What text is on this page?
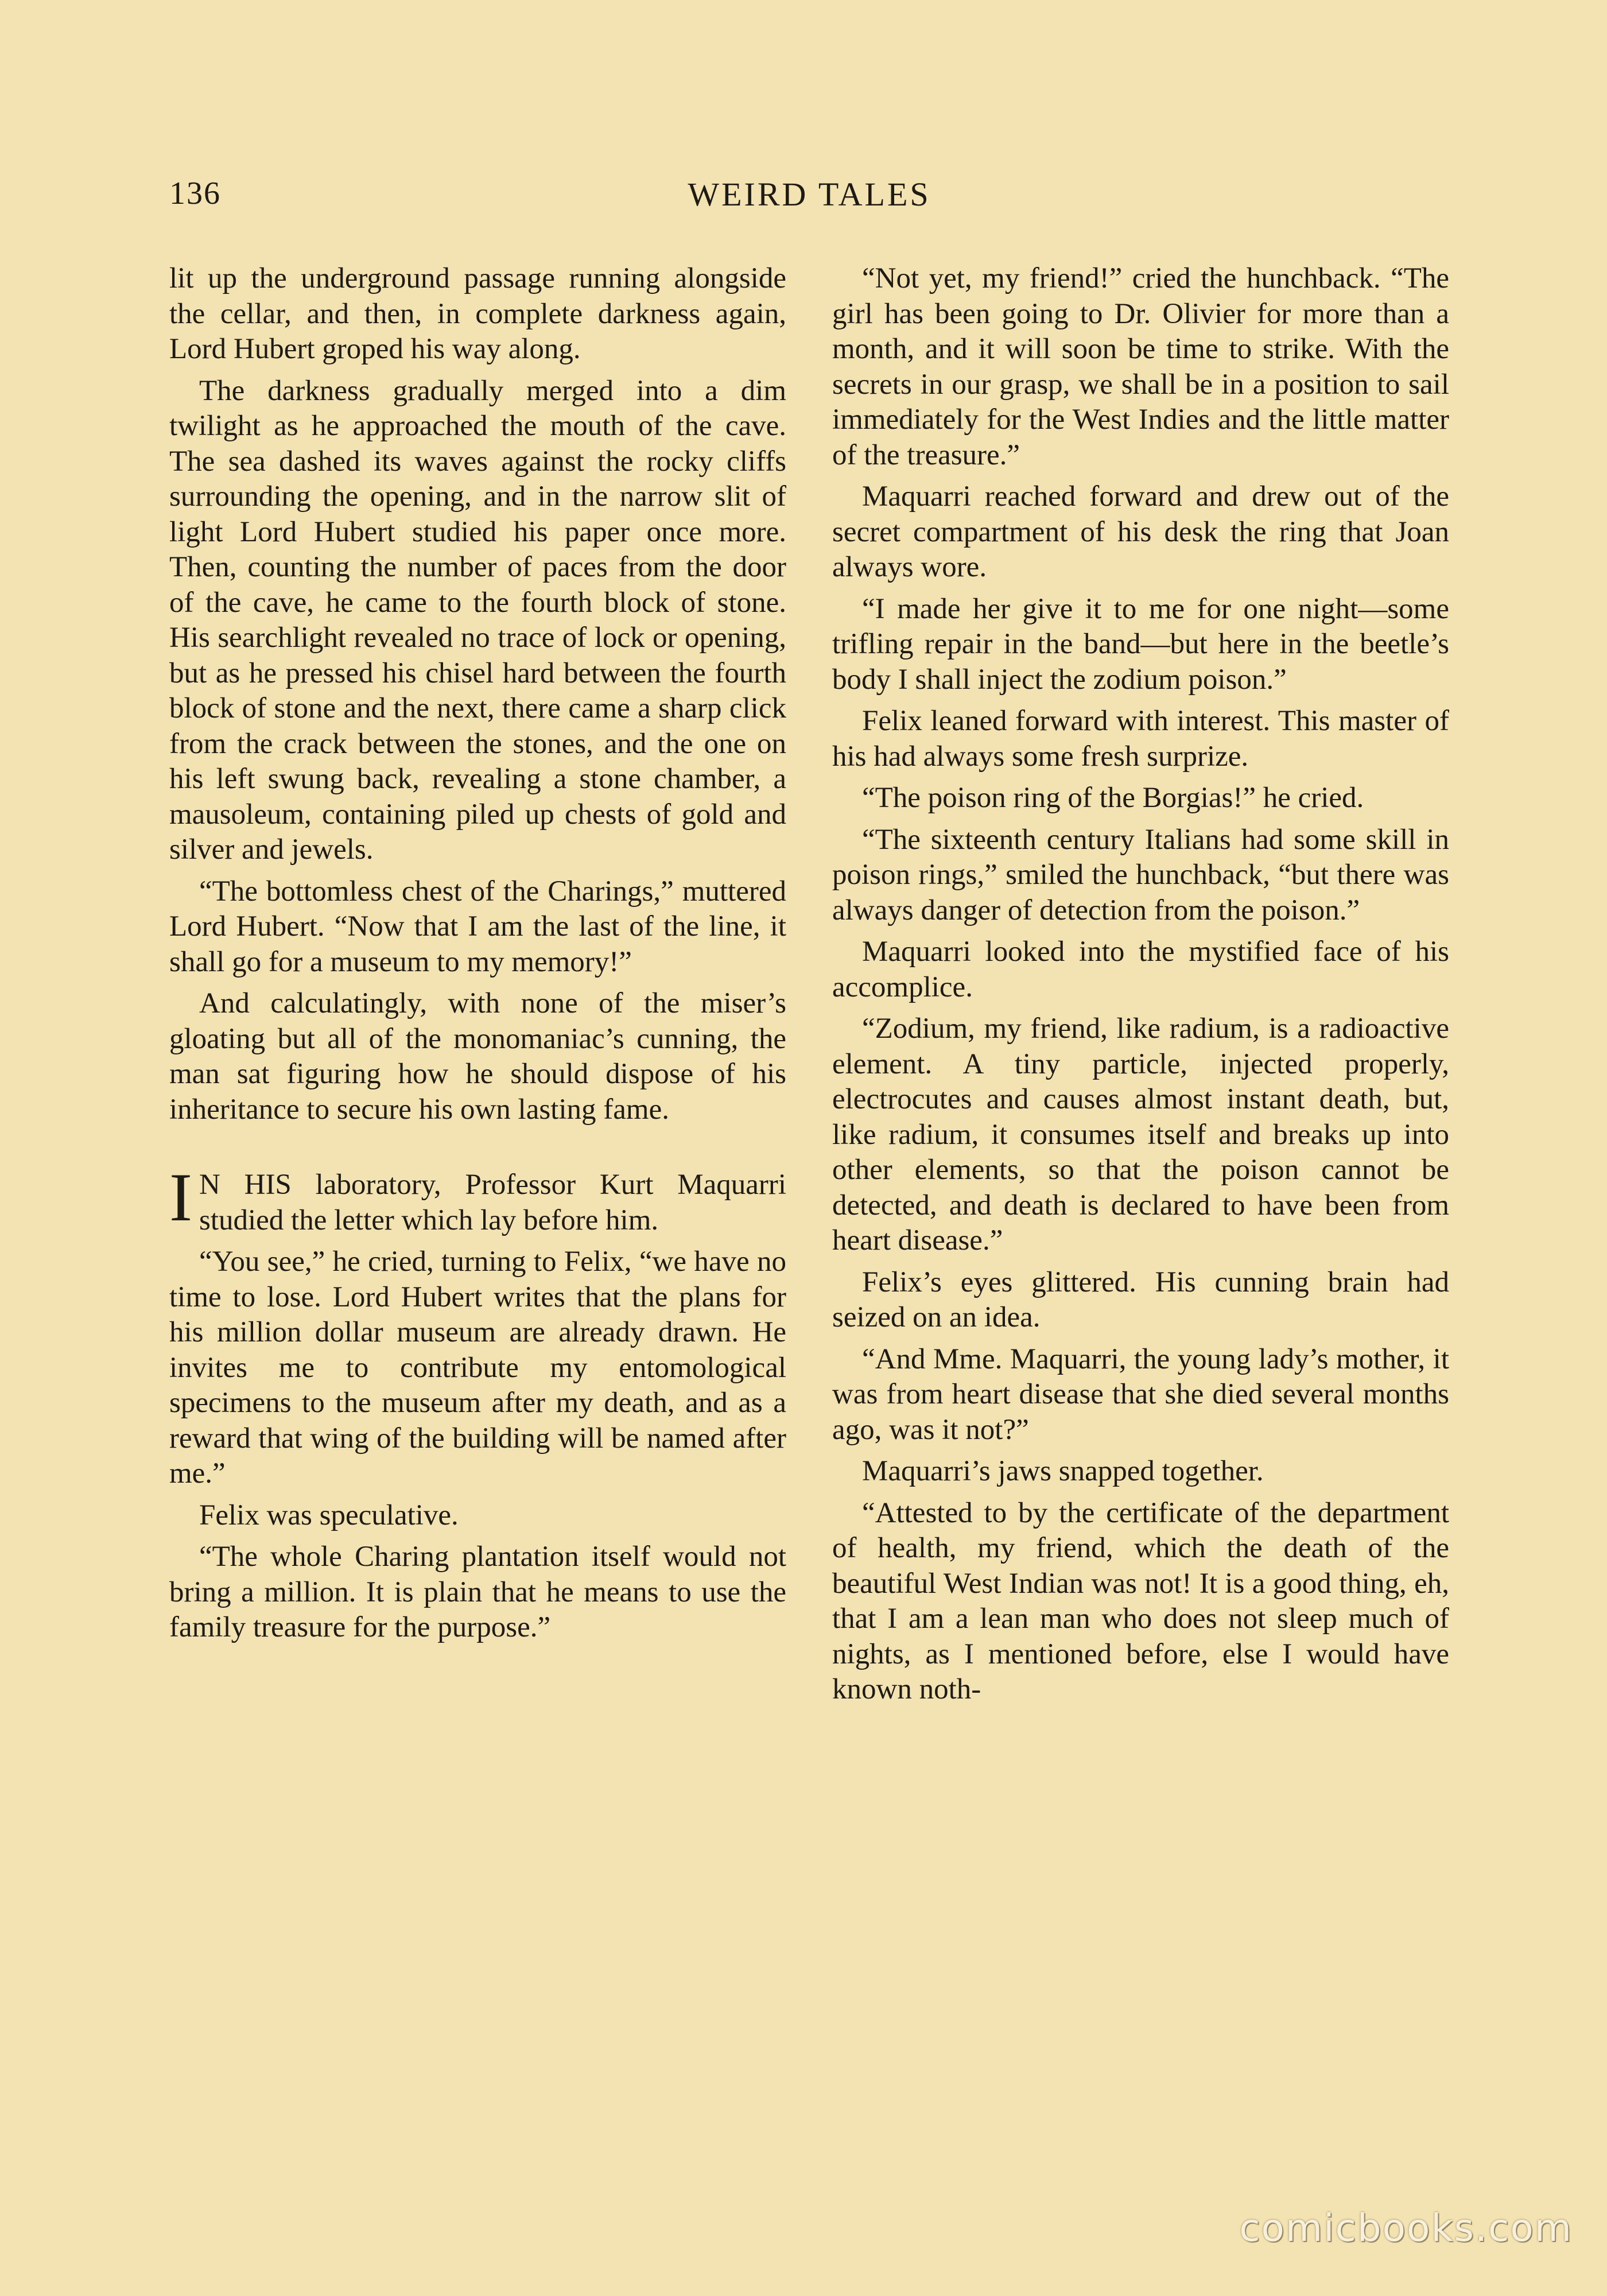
136	WEIRD TALES

lit up the underground passage running alongside the cellar, and then, in complete darkness again, Lord Hubert groped his way along.

The darkness gradually merged into a dim twilight as he approached the mouth of the cave. The sea dashed its waves against the rocky cliffs surrounding the opening, and in the narrow slit of light Lord Hubert studied his paper once more. Then, counting the number of paces from the door of the cave, he came to the fourth block of stone. His searchlight revealed no trace of lock or opening, but as he pressed his chisel hard between the fourth block of stone and the next, there came a sharp click from the crack between the stones, and the one on his left swung back, revealing a stone chamber, a mausoleum, containing piled up chests of gold and silver and jewels.

“The bottomless chest of the Charings,” muttered Lord Hubert. “Now that I am the last of the line, it shall go for a museum to my memory!”

And calculatingly, with none of the miser’s gloating but all of the monomaniac’s cunning, the man sat figuring how he should dispose of his inheritance to secure his own lasting fame.

I N HIS laboratory, Professor Kurt Maquarri studied the letter which lay before him.

“You see,” he cried, turning to Felix, “we have no time to lose. Lord Hubert writes that the plans for his million dollar museum are already drawn. He invites me to contribute my entomological specimens to the museum after my death, and as a reward that wing of the building will be named after me.”

Felix was speculative.

“The whole Charing plantation itself would not bring a million. It is plain that he means to use the family treasure for the purpose.”

“Not yet, my friend!” cried the hunchback. “The girl has been going to Dr. Olivier for more than a month, and it will soon be time to strike. With the secrets in our grasp, we shall be in a position to sail immediately for the West Indies and the little matter of the treasure.”

Maquarri reached forward and drew out of the secret compartment of his desk the ring that Joan always wore.

“I made her give it to me for one night—some trifling repair in the band—but here in the beetle’s body I shall inject the zodium poison.”

Felix leaned forward with interest. This master of his had always some fresh surprize.

“The poison ring of the Borgias!” he cried.

“The sixteenth century Italians had some skill in poison rings,” smiled the hunchback, “but there was always danger of detection from the poison.”

Maquarri looked into the mystified face of his accomplice.

“Zodium, my friend, like radium, is a radioactive element. A tiny particle, injected properly, electrocutes and causes almost instant death, but, like radium, it consumes itself and breaks up into other elements, so that the poison cannot be detected, and death is declared to have been from heart disease.”

Felix’s eyes glittered. His cunning brain had seized on an idea.

“And Mme. Maquarri, the young lady’s mother, it was from heart disease that she died several months ago, was it not?”

Maquarri’s jaws snapped together.

“Attested to by the certificate of the department of health, my friend, which the death of the beautiful West Indian was not! It is a good thing, eh, that I am a lean man who does not sleep much of nights, as I mentioned before, else I would have known noth-

comicbooks.com
